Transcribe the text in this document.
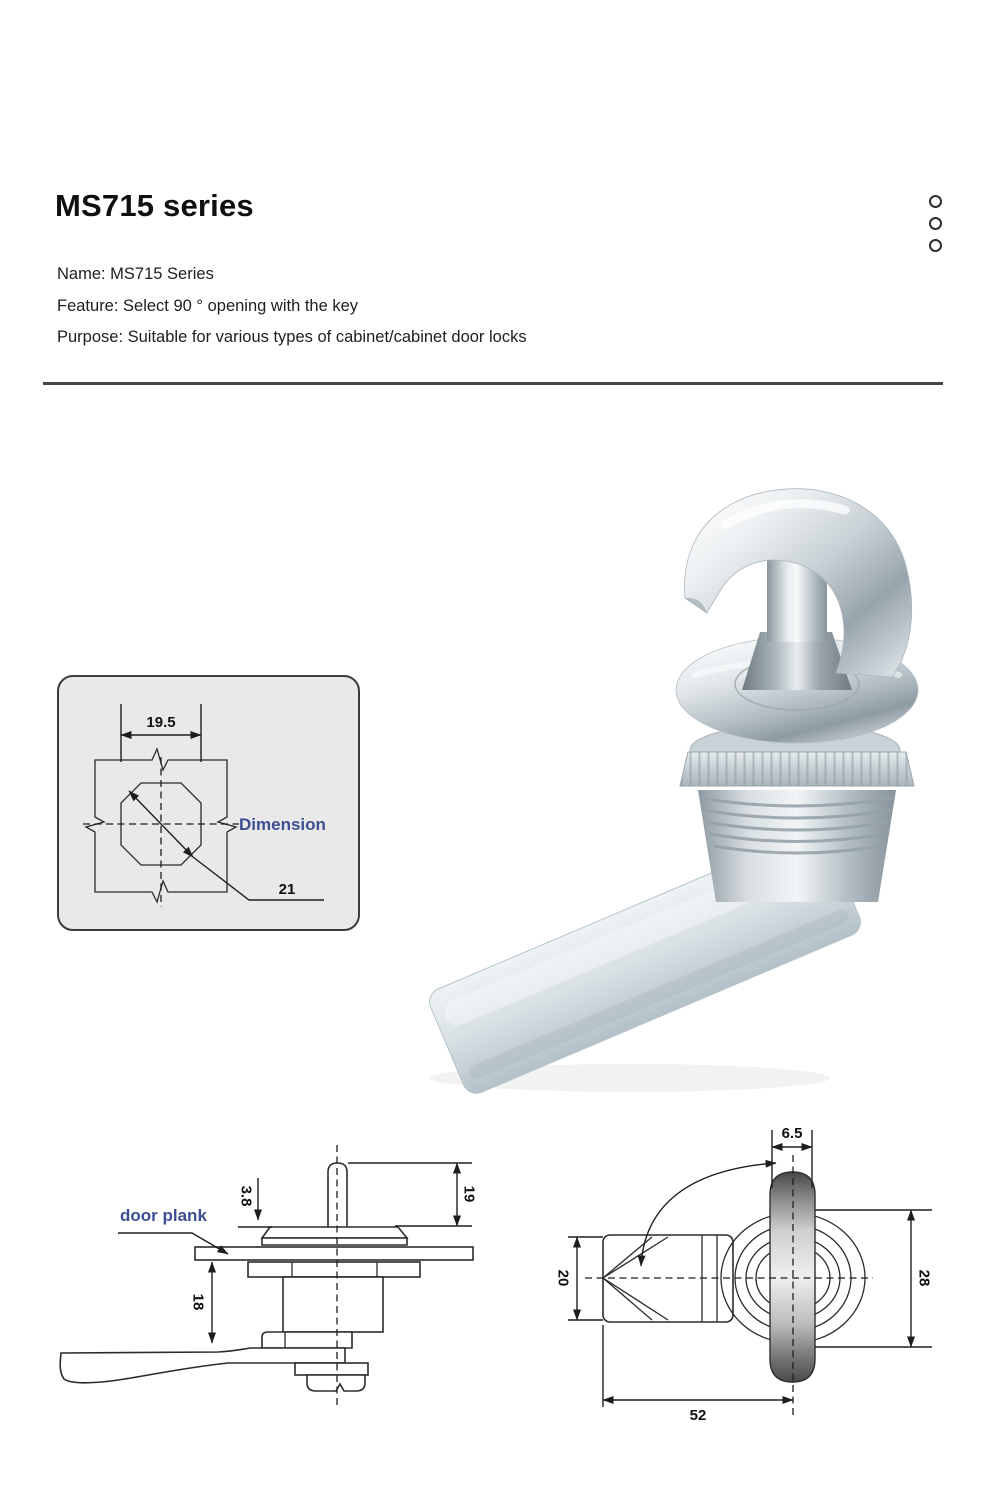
MS715 series

Name: MS715 Series

Feature: Select 90 ° opening with the key

Purpose: Suitable for various types of cabinet/cabinet door locks

19.5
21
Dimension
3.8	19
18
door plank
6.5
20	28
52
